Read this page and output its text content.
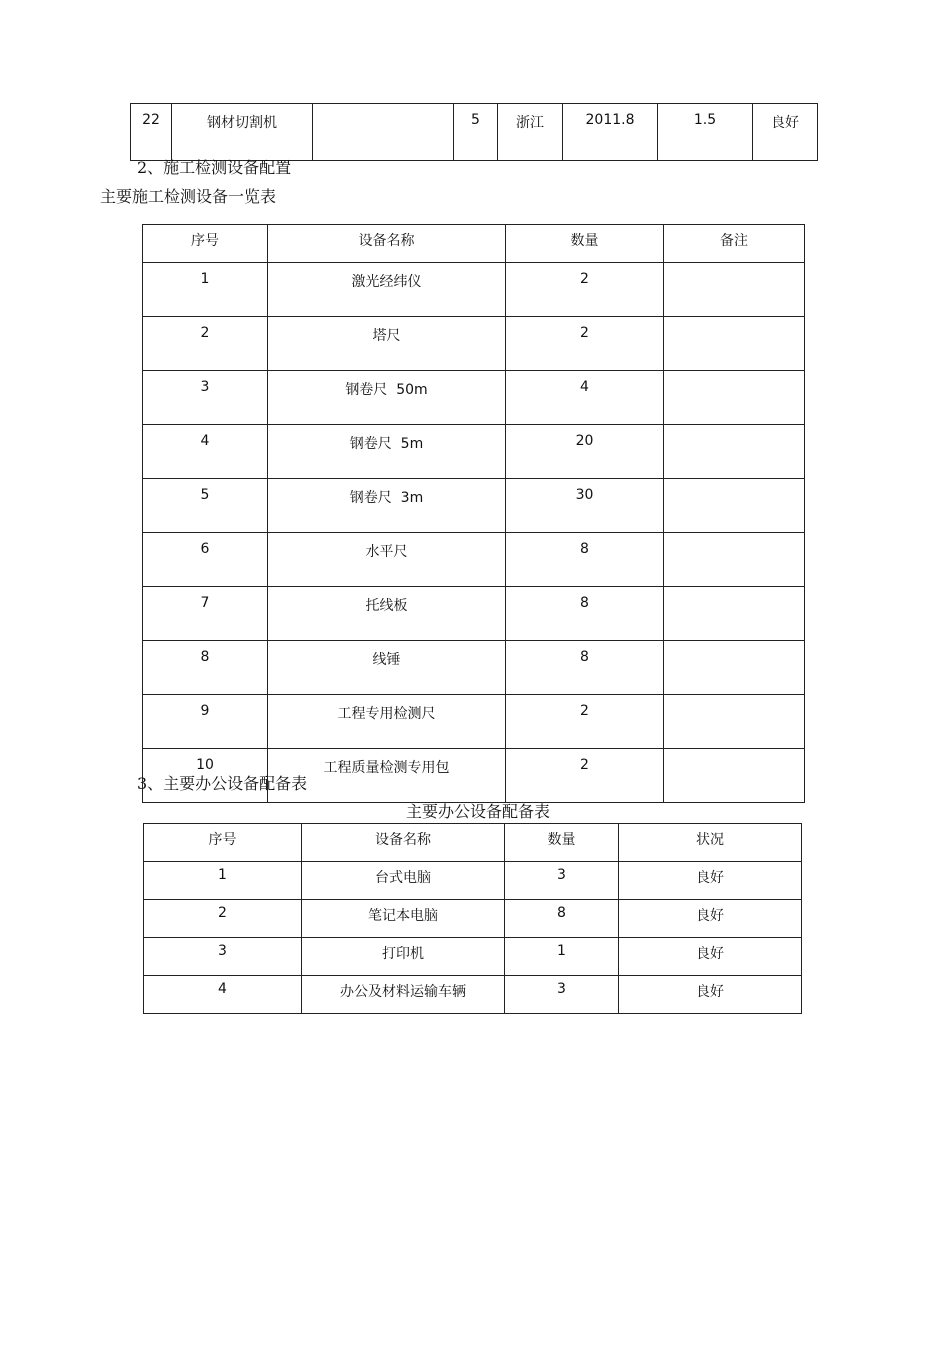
22	钢材切割机		5	浙江	2011.8	1.5	良好
2、施工检测设备配置
主要施工检测设备一览表
序号	设备名称	数量	备注
1	激光经纬仪	2	
2	塔尺	2	
3	钢卷尺  50m	4	
4	钢卷尺  5m	20	
5	钢卷尺  3m	30	
6	水平尺	8	
7	托线板	8	
8	线锤	8	
9	工程专用检测尺	2	
10	工程质量检测专用包	2	
3、主要办公设备配备表
主要办公设备配备表
序号	设备名称	数量	状况
1	台式电脑	3	良好
2	笔记本电脑	8	良好
3	打印机	1	良好
4	办公及材料运输车辆	3	良好
